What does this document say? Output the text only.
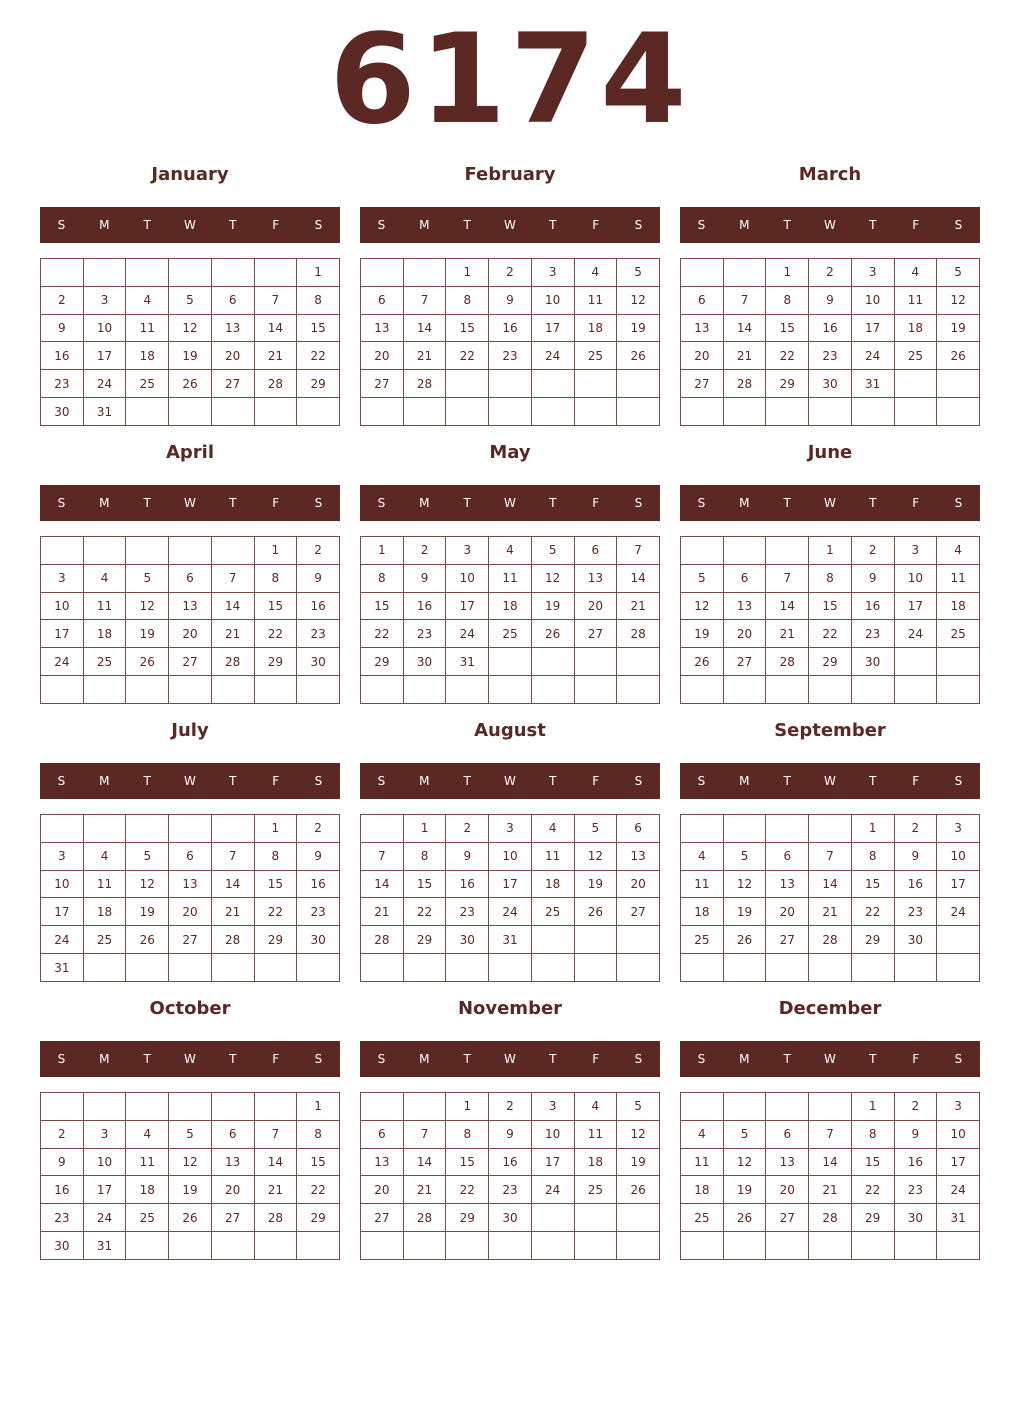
6174
January
S	M	T	W	T	F	S
						1
2	3	4	5	6	7	8
9	10	11	12	13	14	15
16	17	18	19	20	21	22
23	24	25	26	27	28	29
30	31					
February
S	M	T	W	T	F	S
		1	2	3	4	5
6	7	8	9	10	11	12
13	14	15	16	17	18	19
20	21	22	23	24	25	26
27	28					

March
S	M	T	W	T	F	S
		1	2	3	4	5
6	7	8	9	10	11	12
13	14	15	16	17	18	19
20	21	22	23	24	25	26
27	28	29	30	31		

April
S	M	T	W	T	F	S
					1	2
3	4	5	6	7	8	9
10	11	12	13	14	15	16
17	18	19	20	21	22	23
24	25	26	27	28	29	30

May
S	M	T	W	T	F	S
1	2	3	4	5	6	7
8	9	10	11	12	13	14
15	16	17	18	19	20	21
22	23	24	25	26	27	28
29	30	31				

June
S	M	T	W	T	F	S
			1	2	3	4
5	6	7	8	9	10	11
12	13	14	15	16	17	18
19	20	21	22	23	24	25
26	27	28	29	30		

July
S	M	T	W	T	F	S
					1	2
3	4	5	6	7	8	9
10	11	12	13	14	15	16
17	18	19	20	21	22	23
24	25	26	27	28	29	30
31						
August
S	M	T	W	T	F	S
	1	2	3	4	5	6
7	8	9	10	11	12	13
14	15	16	17	18	19	20
21	22	23	24	25	26	27
28	29	30	31			

September
S	M	T	W	T	F	S
				1	2	3
4	5	6	7	8	9	10
11	12	13	14	15	16	17
18	19	20	21	22	23	24
25	26	27	28	29	30	

October
S	M	T	W	T	F	S
						1
2	3	4	5	6	7	8
9	10	11	12	13	14	15
16	17	18	19	20	21	22
23	24	25	26	27	28	29
30	31					
November
S	M	T	W	T	F	S
		1	2	3	4	5
6	7	8	9	10	11	12
13	14	15	16	17	18	19
20	21	22	23	24	25	26
27	28	29	30			

December
S	M	T	W	T	F	S
				1	2	3
4	5	6	7	8	9	10
11	12	13	14	15	16	17
18	19	20	21	22	23	24
25	26	27	28	29	30	31
